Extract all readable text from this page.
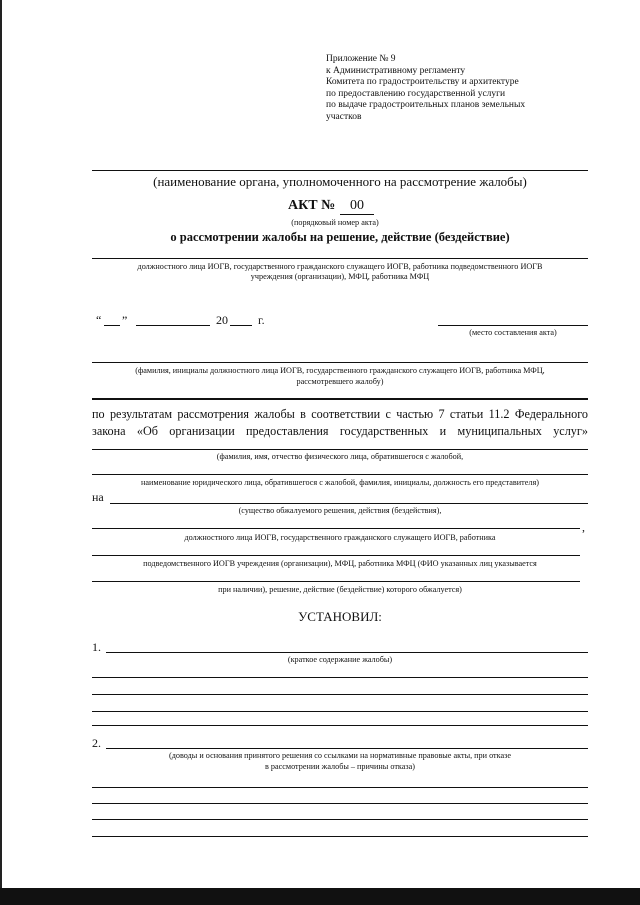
Приложение № 9
к Административному регламенту
Комитета по градостроительству и архитектуре
по предоставлению государственной услуги
по выдаче градостроительных планов земельных
участков
(наименование органа, уполномоченного на рассмотрение жалобы)
АКТ №	00
(порядковый номер акта)
о рассмотрении жалобы на решение, действие (бездействие)
должностного лица ИОГВ, государственного гражданского служащего ИОГВ, работника подведомственного ИОГВ
учреждения (организации), МФЦ, работника МФЦ
“ ”	20	г.
(место составления акта)
(фамилия, инициалы должностного лица ИОГВ, государственного гражданского служащего ИОГВ, работника МФЦ,
рассмотревшего жалобу)
по результатам рассмотрения жалобы в соответствии с частью 7 статьи 11.2 Федерального
закона «Об организации предоставления государственных и муниципальных услуг»
(фамилия, имя, отчество физического лица, обратившегося с жалобой,
наименование юридического лица, обратившегося с жалобой, фамилия, инициалы, должность его представителя)
на
(существо обжалуемого решения, действия (бездействия),
,
должностного лица ИОГВ, государственного гражданского служащего ИОГВ, работника
подведомственного ИОГВ учреждения (организации), МФЦ, работника МФЦ (ФИО указанных лиц указывается
при наличии), решение, действие (бездействие) которого обжалуется)
УСТАНОВИЛ:
1.
(краткое содержание жалобы)
2.
(доводы и основания принятого решения со ссылками на нормативные правовые акты, при отказе
в рассмотрении жалобы – причины отказа)
